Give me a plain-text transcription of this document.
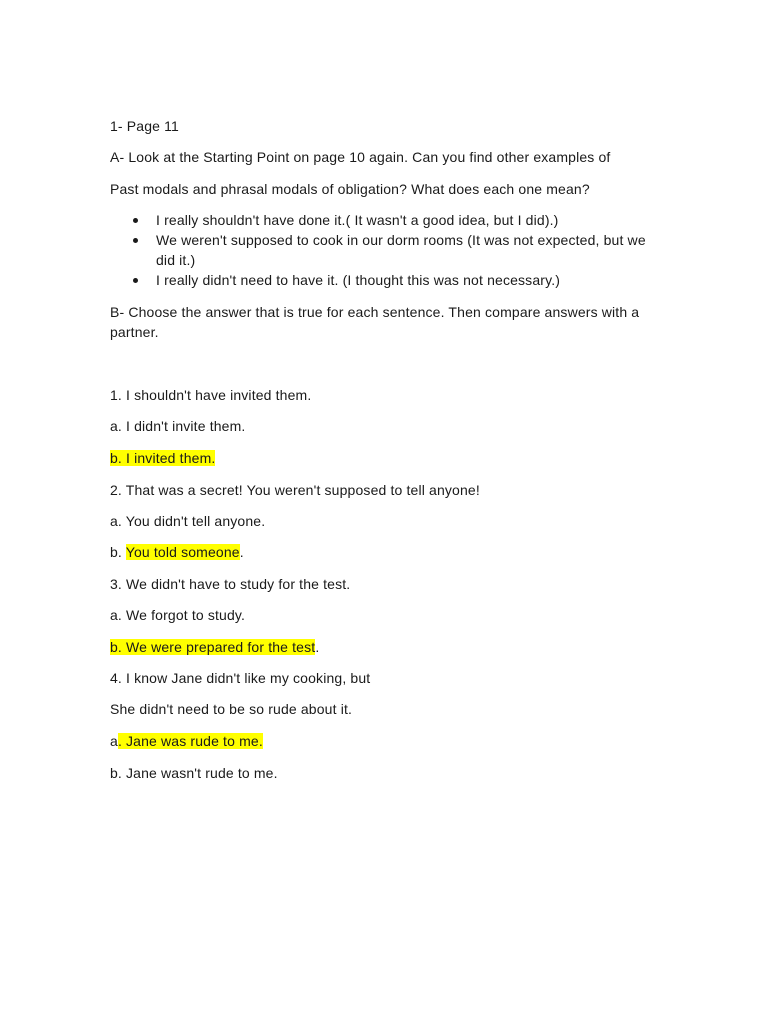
1- Page 11
A- Look at the Starting Point on page 10 again. Can you find other examples of
Past modals and phrasal modals of obligation? What does each one mean?
I really shouldn't have done it.( It wasn't a good idea, but I did).)
We weren't supposed to cook in our dorm rooms (It was not expected, but we did it.)
I really didn't need to have it. (I thought this was not necessary.)
B- Choose the answer that is true for each sentence. Then compare answers with a partner.
1. I shouldn't have invited them.
a. I didn't invite them.
b. I invited them.
2. That was a secret! You weren't supposed to tell anyone!
a. You didn't tell anyone.
b. You told someone.
3. We didn't have to study for the test.
a. We forgot to study.
b. We were prepared for the test.
4. I know Jane didn't like my cooking, but
She didn't need to be so rude about it.
a. Jane was rude to me.
b. Jane wasn't rude to me.
